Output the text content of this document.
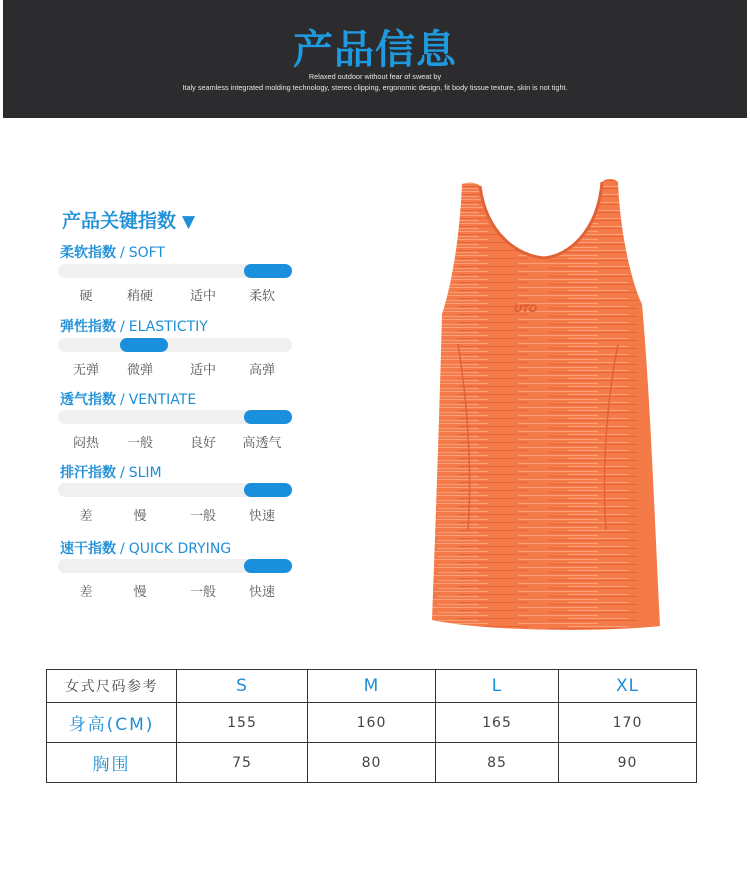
产品信息
Relaxed outdoor without fear of sweat by
Italy seamless integrated molding technology, stereo clipping, ergonomic design, fit body tissue texture, skin is not tight.
产品关键指数 ▼
柔软指数 / SOFT
硬	稍硬	适中	柔软
弹性指数 / ELASTICTIY
无弹 微弹	适中	高弹
透气指数 / VENTIATE
闷热 一般	良好 高透气
排汗指数 / SLIM
差	慢	一般	快速
速干指数 / QUICK DRYING
差	慢	一般	快速
UTO
女式尺码参考	S	M	L	XL
身高(CM)	155	160	165	170
胸围	75	80	85	90
